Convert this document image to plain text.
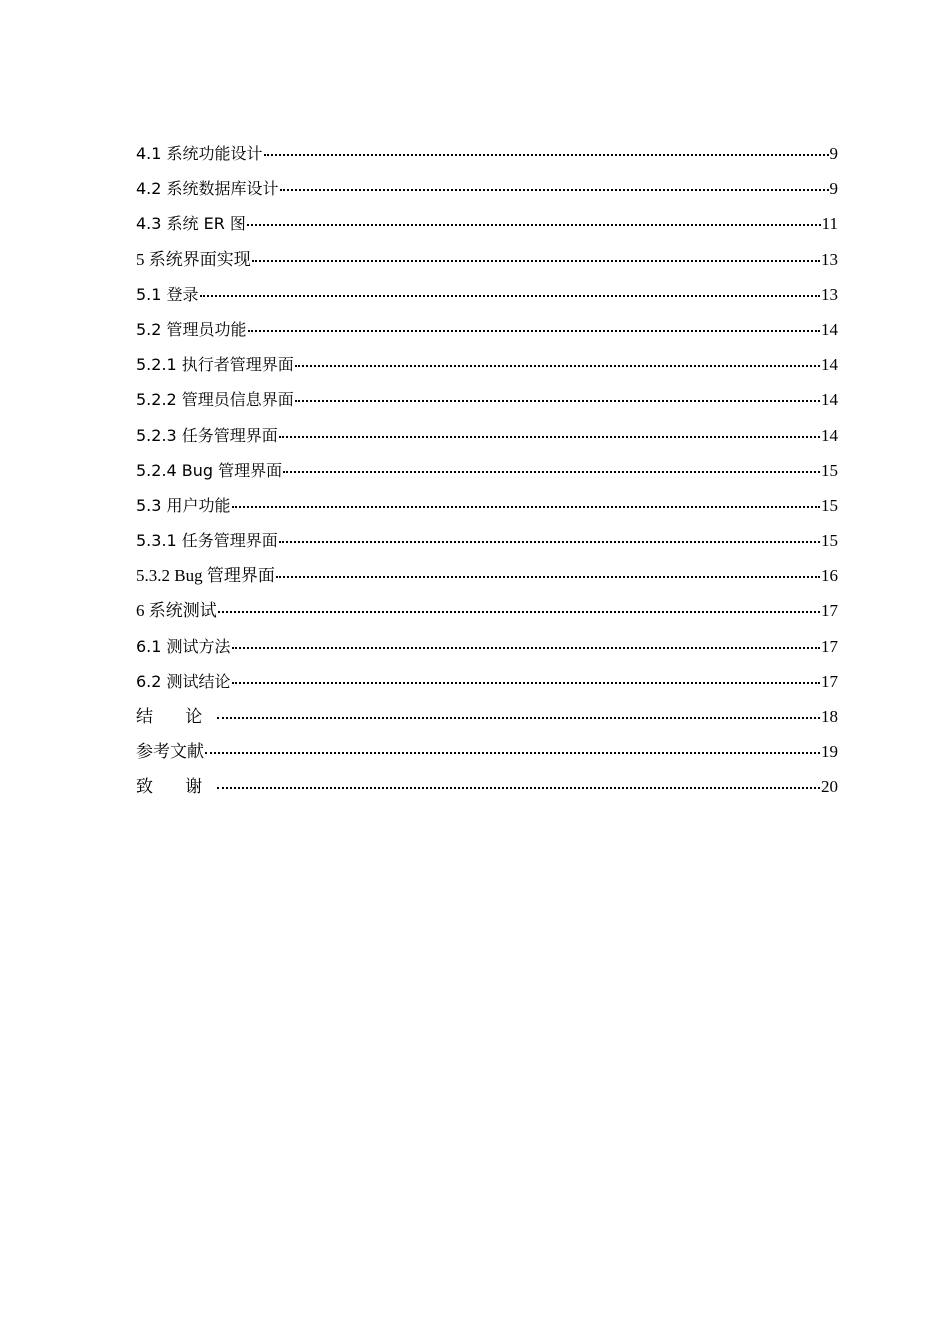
4.1 系统功能设计	9
4.2 系统数据库设计	9
4.3 系统 ER 图	11
5 系统界面实现	13
5.1 登录	13
5.2 管理员功能	14
5.2.1 执行者管理界面	14
5.2.2 管理员信息界面	14
5.2.3 任务管理界面	14
5.2.4 Bug 管理界面	15
5.3 用户功能	15
5.3.1 任务管理界面	15
5.3.2 Bug 管理界面	16
6 系统测试	17
6.1 测试方法	17
6.2 测试结论	17
结 论	18
参考文献	19
致 谢	20
